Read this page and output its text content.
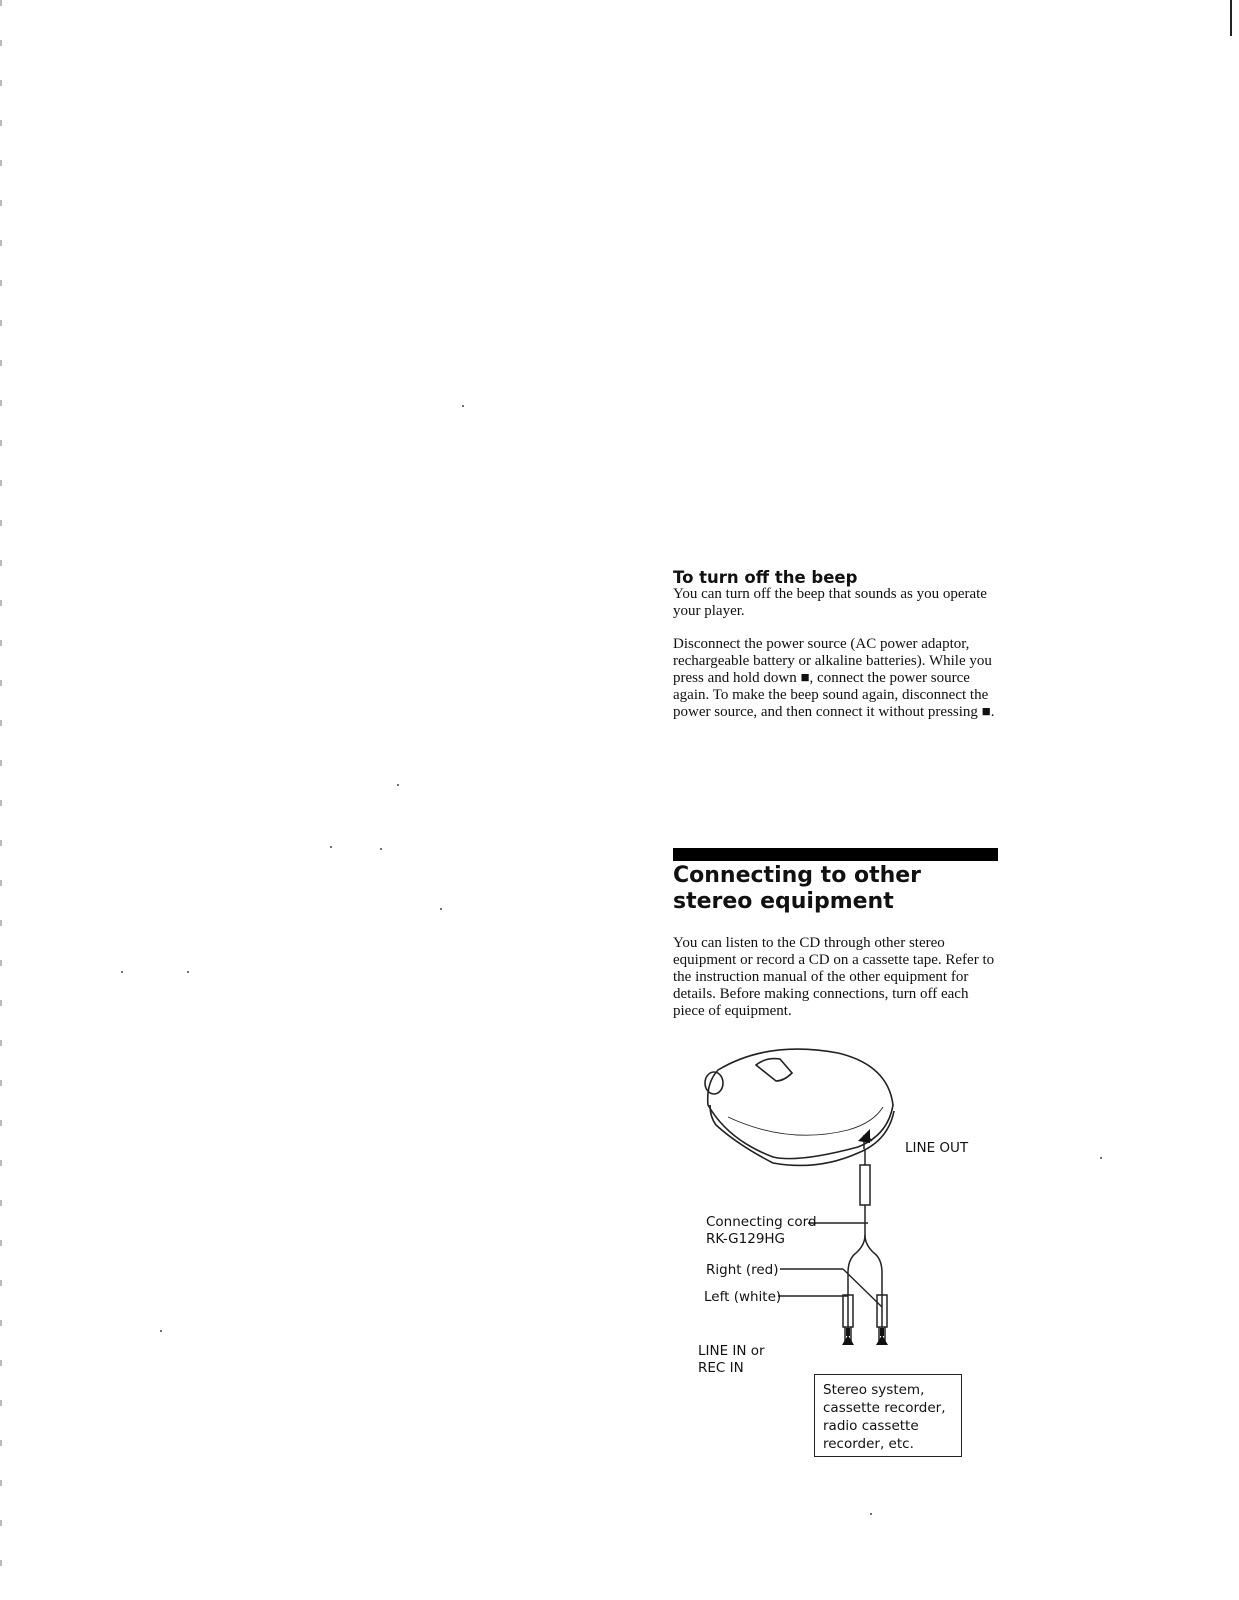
To turn off the beep

You can turn off the beep that sounds as you operate your player.

Disconnect the power source (AC power adaptor, rechargeable battery or alkaline batteries). While you press and hold down ■, connect the power source again. To make the beep sound again, disconnect the power source, and then connect it without pressing ■.

Connecting to other stereo equipment

You can listen to the CD through other stereo equipment or record a CD on a cassette tape. Refer to the instruction manual of the other equipment for details. Before making connections, turn off each piece of equipment.

LINE OUT
Connecting cord
RK-G129HG
Right (red)
Left (white)
LINE IN or
REC IN
Stereo system,
cassette recorder,
radio cassette
recorder, etc.
